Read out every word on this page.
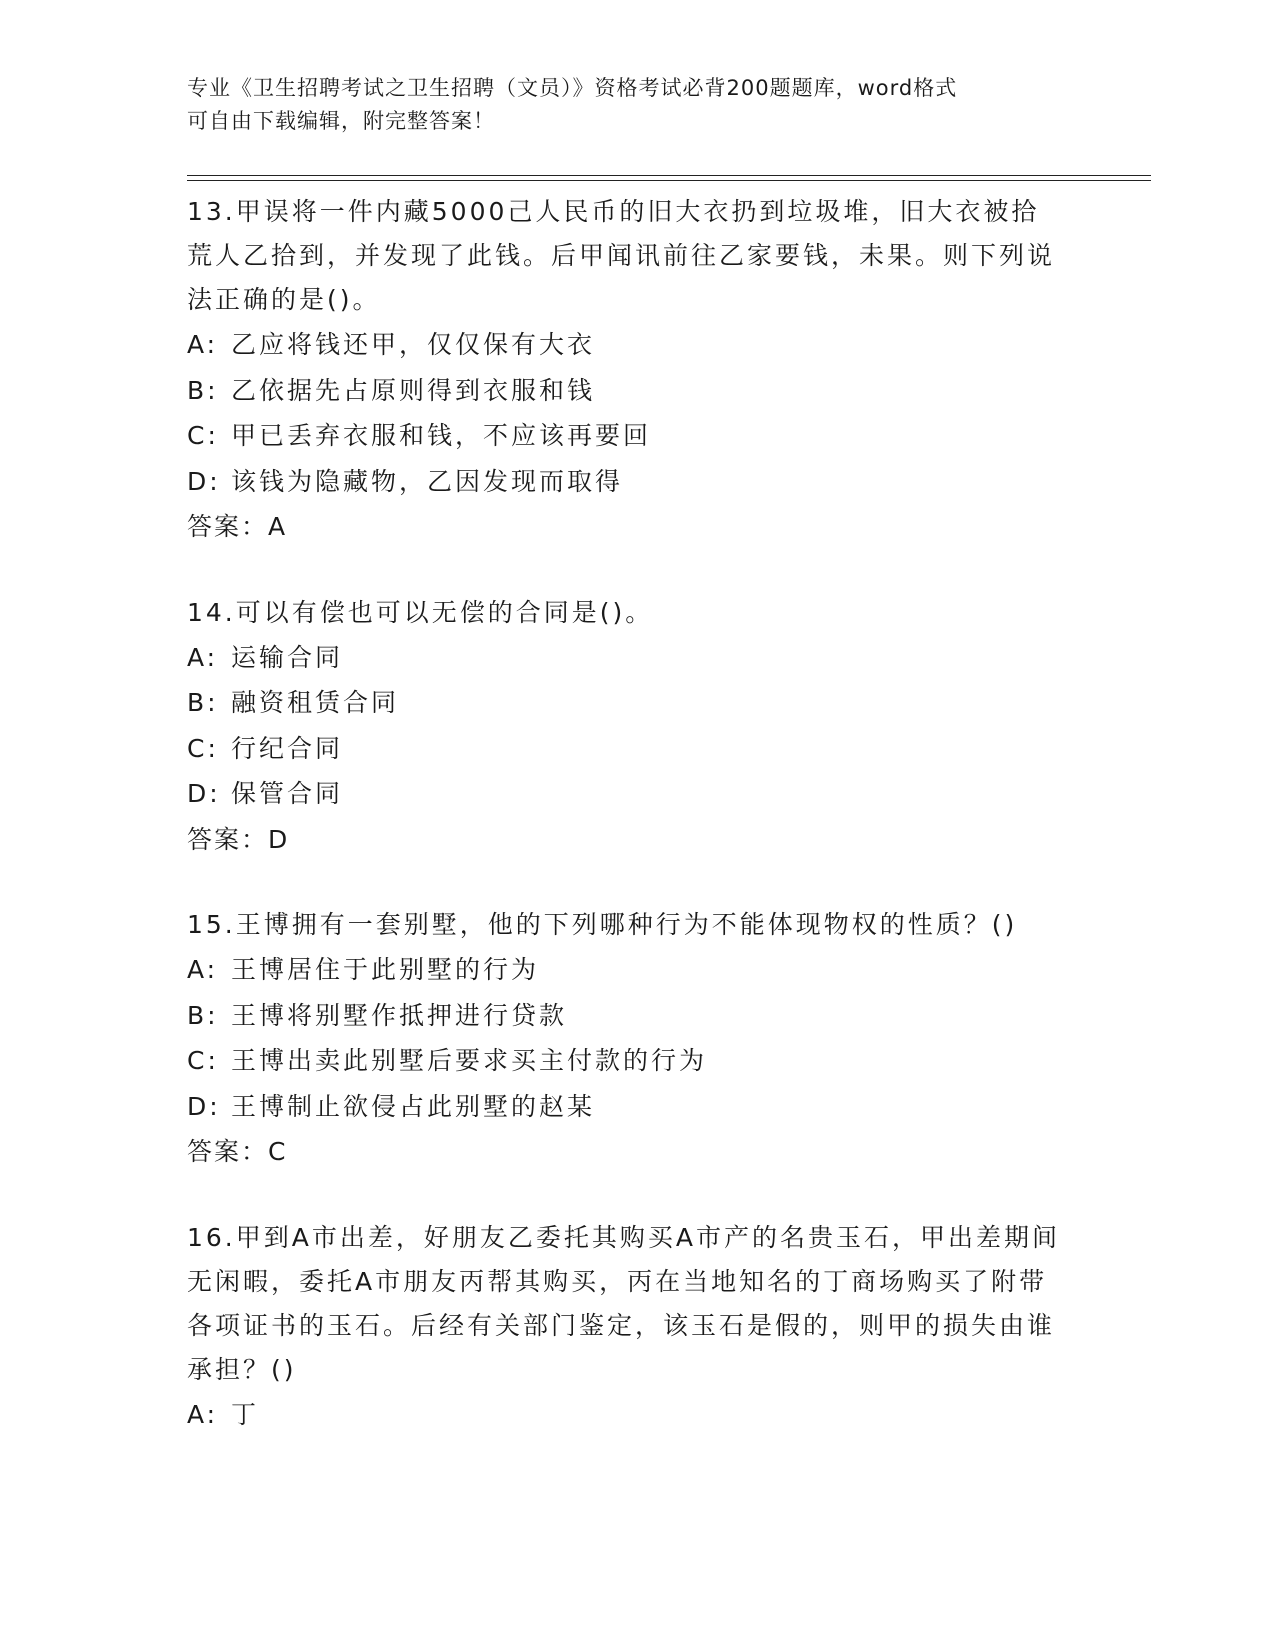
专业《卫生招聘考试之卫生招聘（文员）》资格考试必背200题题库，word格式
可自由下载编辑，附完整答案！
13.甲误将一件内藏5000己人民币的旧大衣扔到垃圾堆，旧大衣被拾荒人乙拾到，并发现了此钱。后甲闻讯前往乙家要钱，未果。则下列说法正确的是()。
A: 乙应将钱还甲，仅仅保有大衣
B: 乙依据先占原则得到衣服和钱
C: 甲已丢弃衣服和钱，不应该再要回
D: 该钱为隐藏物，乙因发现而取得
答案：A
14.可以有偿也可以无偿的合同是()。
A: 运输合同
B: 融资租赁合同
C: 行纪合同
D: 保管合同
答案：D
15.王博拥有一套别墅，他的下列哪种行为不能体现物权的性质？()
A: 王博居住于此别墅的行为
B: 王博将别墅作抵押进行贷款
C: 王博出卖此别墅后要求买主付款的行为
D: 王博制止欲侵占此别墅的赵某
答案：C
16.甲到A市出差，好朋友乙委托其购买A市产的名贵玉石，甲出差期间无闲暇，委托A市朋友丙帮其购买，丙在当地知名的丁商场购买了附带各项证书的玉石。后经有关部门鉴定，该玉石是假的，则甲的损失由谁承担？()
A: 丁
